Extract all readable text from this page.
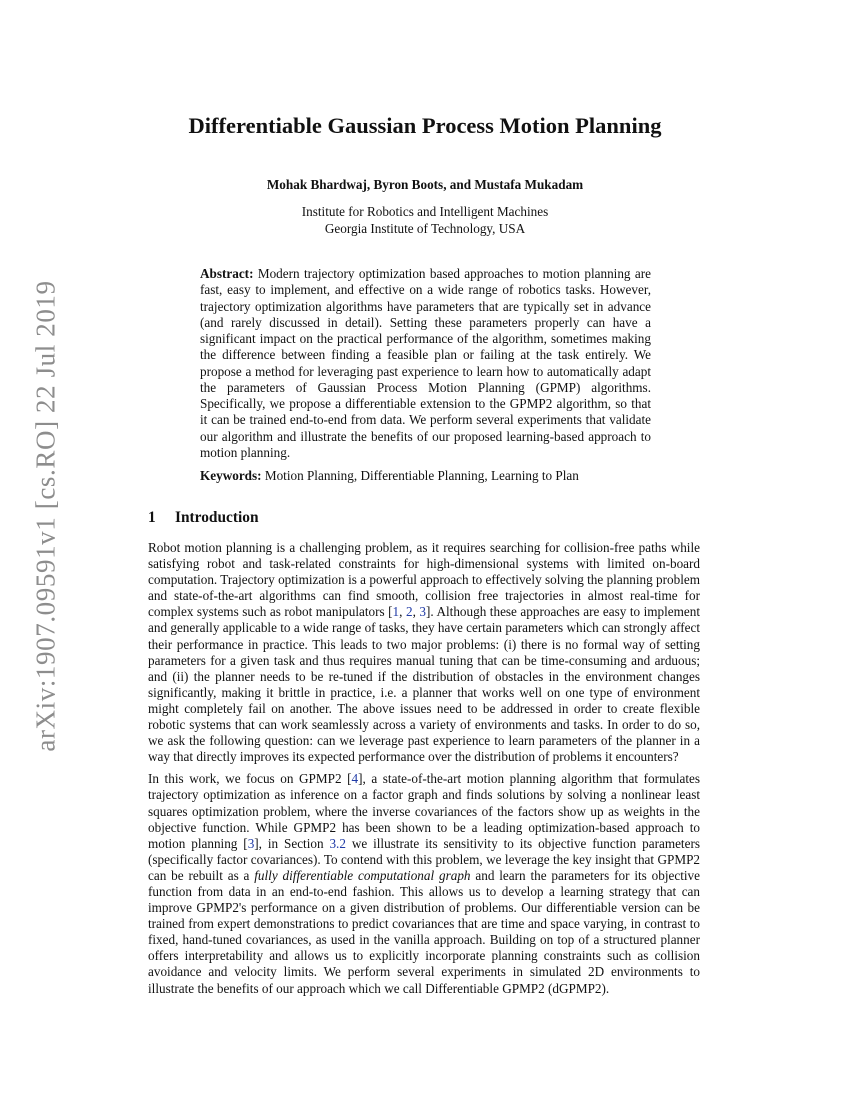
arXiv:1907.09591v1 [cs.RO] 22 Jul 2019
Differentiable Gaussian Process Motion Planning
Mohak Bhardwaj, Byron Boots, and Mustafa Mukadam
Institute for Robotics and Intelligent Machines
Georgia Institute of Technology, USA
Abstract: Modern trajectory optimization based approaches to motion planning are fast, easy to implement, and effective on a wide range of robotics tasks. However, trajectory optimization algorithms have parameters that are typically set in advance (and rarely discussed in detail). Setting these parameters properly can have a significant impact on the practical performance of the algorithm, sometimes making the difference between finding a feasible plan or failing at the task entirely. We propose a method for leveraging past experience to learn how to automatically adapt the parameters of Gaussian Process Motion Planning (GPMP) algorithms. Specifically, we propose a differentiable extension to the GPMP2 algorithm, so that it can be trained end-to-end from data. We perform several experiments that validate our algorithm and illustrate the benefits of our proposed learning-based approach to motion planning.
Keywords: Motion Planning, Differentiable Planning, Learning to Plan
1 Introduction

Robot motion planning is a challenging problem, as it requires searching for collision-free paths while satisfying robot and task-related constraints for high-dimensional systems with limited on-board computation. Trajectory optimization is a powerful approach to effectively solving the planning problem and state-of-the-art algorithms can find smooth, collision free trajectories in almost real-time for complex systems such as robot manipulators [1, 2, 3]. Although these approaches are easy to implement and generally applicable to a wide range of tasks, they have certain parameters which can strongly affect their performance in practice. This leads to two major problems: (i) there is no formal way of setting parameters for a given task and thus requires manual tuning that can be time-consuming and arduous; and (ii) the planner needs to be re-tuned if the distribution of obstacles in the environment changes significantly, making it brittle in practice, i.e. a planner that works well on one type of environment might completely fail on another. The above issues need to be addressed in order to create flexible robotic systems that can work seamlessly across a variety of environments and tasks. In order to do so, we ask the following question: can we leverage past experience to learn parameters of the planner in a way that directly improves its expected performance over the distribution of problems it encounters?

In this work, we focus on GPMP2 [4], a state-of-the-art motion planning algorithm that formulates trajectory optimization as inference on a factor graph and finds solutions by solving a nonlinear least squares optimization problem, where the inverse covariances of the factors show up as weights in the objective function. While GPMP2 has been shown to be a leading optimization-based approach to motion planning [3], in Section 3.2 we illustrate its sensitivity to its objective function parameters (specifically factor covariances). To contend with this problem, we leverage the key insight that GPMP2 can be rebuilt as a fully differentiable computational graph and learn the parameters for its objective function from data in an end-to-end fashion. This allows us to develop a learning strategy that can improve GPMP2's performance on a given distribution of problems. Our differentiable version can be trained from expert demonstrations to predict covariances that are time and space varying, in contrast to fixed, hand-tuned covariances, as used in the vanilla approach. Building on top of a structured planner offers interpretability and allows us to explicitly incorporate planning constraints such as collision avoidance and velocity limits. We perform several experiments in simulated 2D environments to illustrate the benefits of our approach which we call Differentiable GPMP2 (dGPMP2).
